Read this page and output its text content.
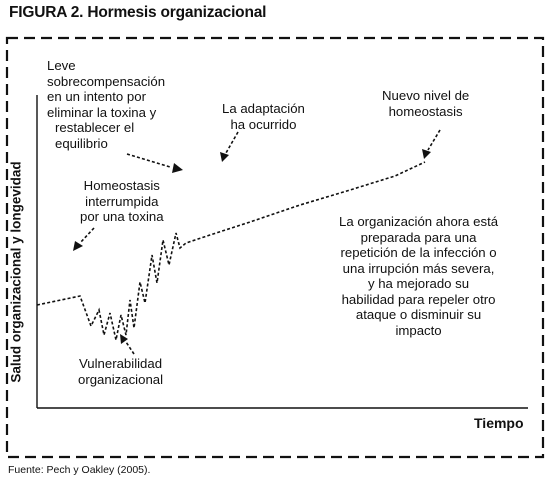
FIGURA 2. Hormesis organizacional
Salud organizacional y longevidad
Tiempo
Leve
sobrecompensación
en un intento por
eliminar la toxina y
restablecer el
equilibrio
La adaptación
ha ocurrido
Nuevo nivel de
homeostasis
Homeostasis
interrumpida
por una toxina
Vulnerabilidad
organizacional
La organización ahora está
preparada para una
repetición de la infección o
una irrupción más severa,
y ha mejorado su
habilidad para repeler otro
ataque o disminuir su
impacto
Fuente: Pech y Oakley (2005).
